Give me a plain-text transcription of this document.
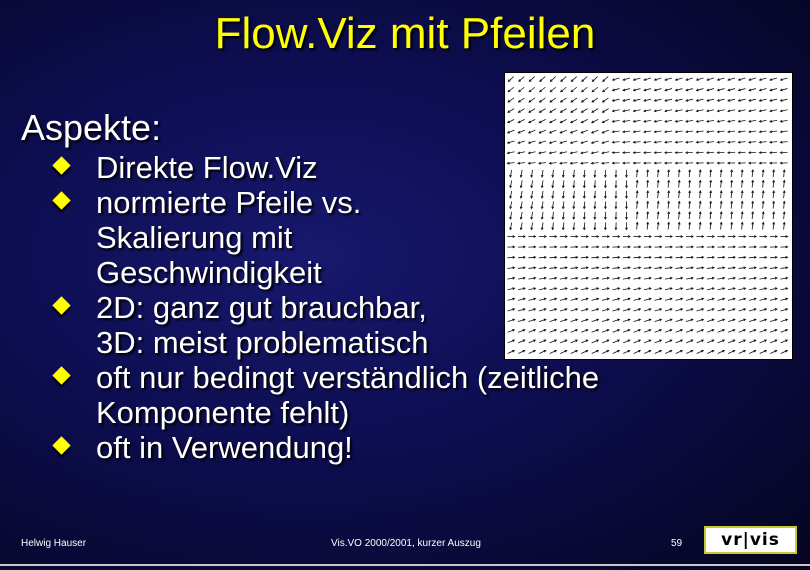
Flow.Viz mit Pfeilen
Aspekte:
Direkte Flow.Viz
normierte Pfeile vs.
Skalierung mit
Geschwindigkeit
2D: ganz gut brauchbar,
3D: meist problematisch
oft nur bedingt verständlich (zeitliche
Komponente fehlt)
oft in Verwendung!
Helwig Hauser	Vis.VO 2000/2001, kurzer Auszug	59 vr|vis
